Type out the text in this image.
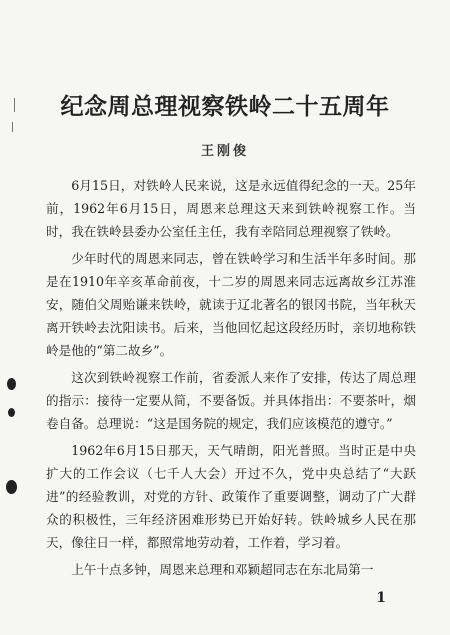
纪念周总理视察铁岭二十五周年
王刚俊

6月15日，对铁岭人民来说，这是永远值得纪念的一天。25年前，1962年6月15日，周恩来总理这天来到铁岭视察工作。当时，我在铁岭县委办公室任主任，我有幸陪同总理视察了铁岭。

少年时代的周恩来同志，曾在铁岭学习和生活半年多时间。那是在1910年辛亥革命前夜，十二岁的周恩来同志远离故乡江苏淮安，随伯父周贻谦来铁岭，就读于辽北著名的银冈书院，当年秋天离开铁岭去沈阳读书。后来，当他回忆起这段经历时，亲切地称铁岭是他的“第二故乡”。

这次到铁岭视察工作前，省委派人来作了安排，传达了周总理的指示：接待一定要从简，不要备饭。并具体指出：不要茶叶，烟卷自备。总理说：“这是国务院的规定，我们应该模范的遵守。”

1962年6月15日那天，天气晴朗，阳光普照。当时正是中央扩大的工作会议（七千人大会）开过不久，党中央总结了“大跃进”的经验教训，对党的方针、政策作了重要调整，调动了广大群众的积极性，三年经济困难形势已开始好转。铁岭城乡人民在那天，像往日一样，都照常地劳动着，工作着，学习着。

上午十点多钟，周恩来总理和邓颖超同志在东北局第一

1
